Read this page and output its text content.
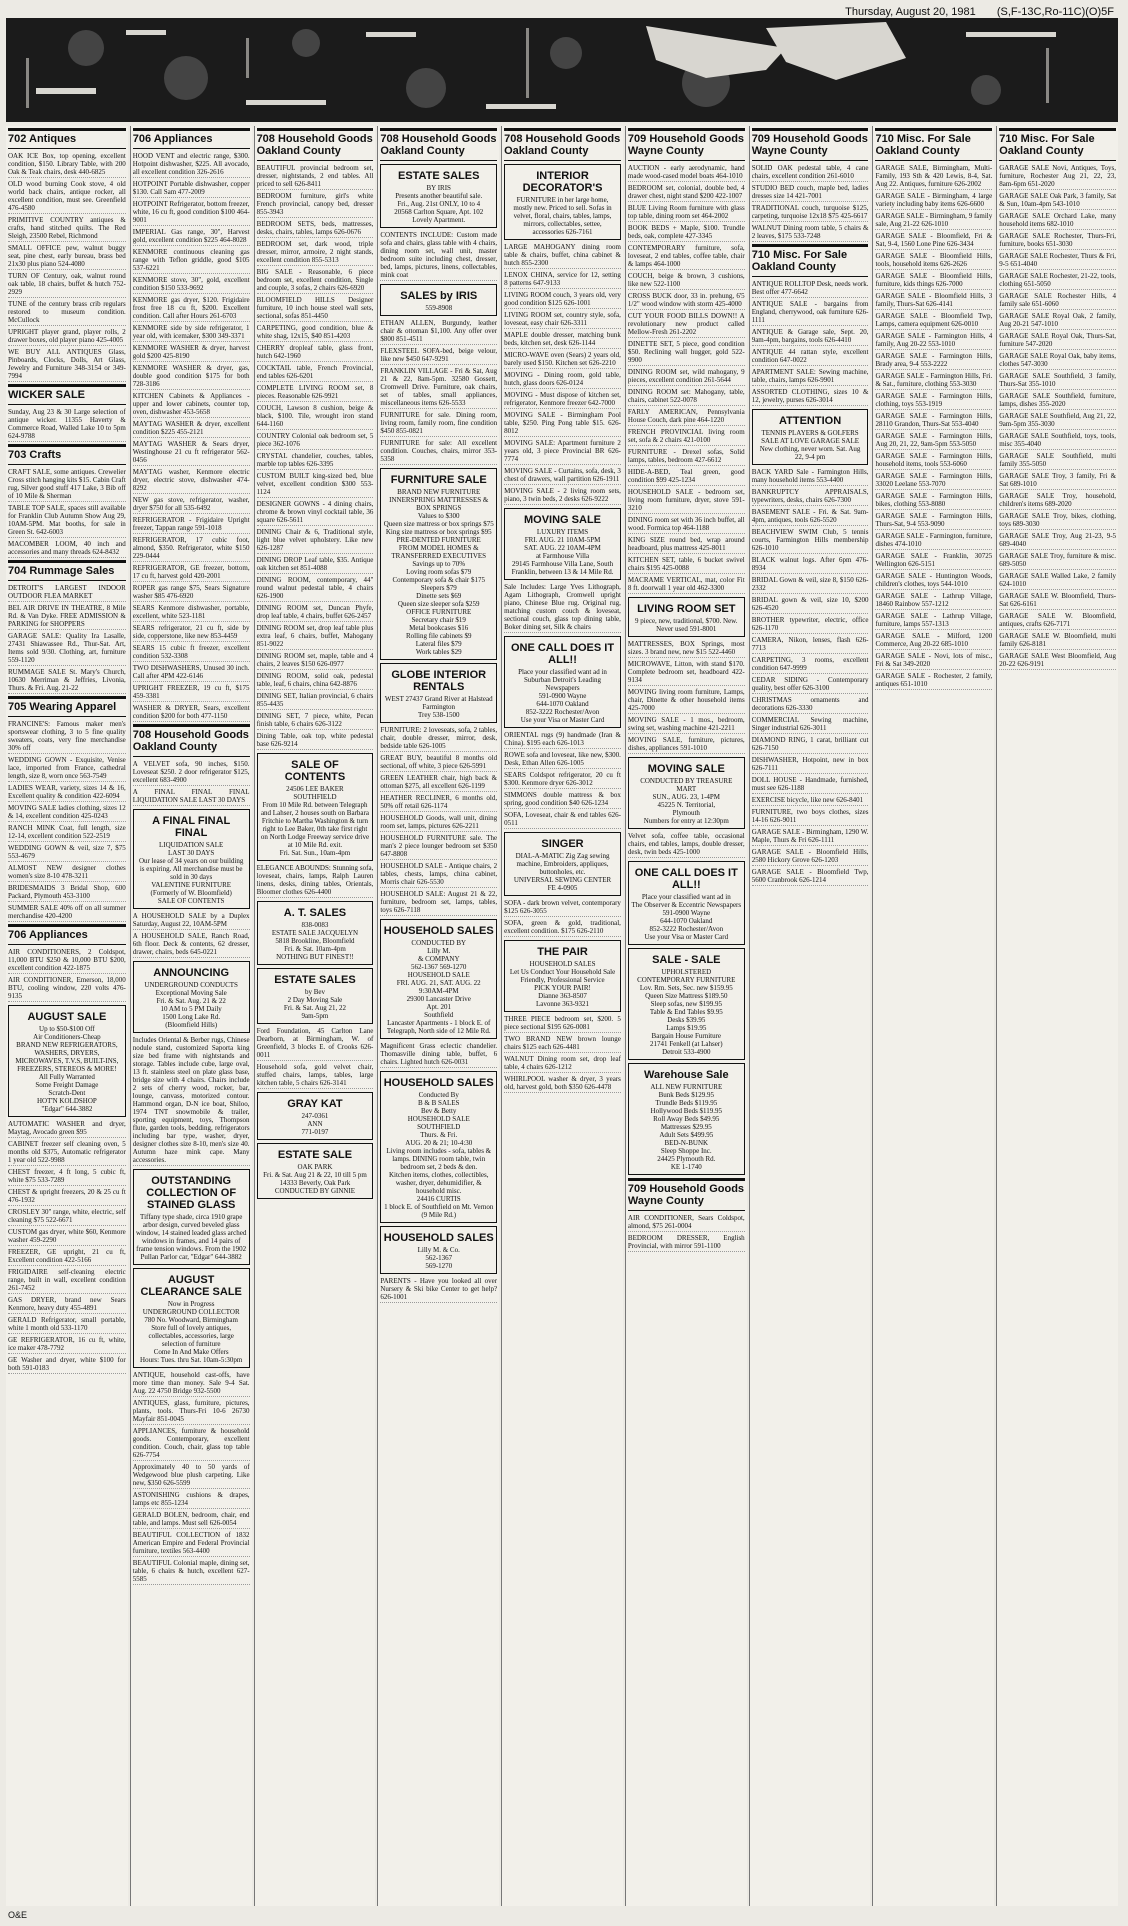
Thursday, August 20, 1981 (S,F-13C,Ro-11C)(O)5F
702 Antiques

OAK ICE Box, top opening, excellent condition, $150. Library Table, with 200 Oak & Teak chairs, desk 440-6825

OLD wood burning Cook stove, 4 old world back chairs, antique rocker, all excellent condition, must see. Greenfield 476-4580

PRIMITIVE COUNTRY antiques & crafts, hand stitched quilts. The Red Sleigh, 23500 Rebel, Richmond

SMALL OFFICE pew, walnut buggy seat, pine chest, early bureau, brass bed 21x30 plus piano 524-4080

TURN OF Century, oak, walnut round oak table, 18 chairs, buffet & hutch 752-2929

TUNE of the century brass crib regulars restored to museum condition. McCullock

UPRIGHT player grand, player rolls, 2 drawer boxes, old player piano 425-4005

WE BUY ALL ANTIQUES Glass, Pinboards, Clocks, Dolls, Art Glass, Jewelry and Furniture 348-3154 or 349-7994

WICKER SALE

Sunday, Aug 23 & 30 Large selection of antique wicker. 11355 Haverty & Commerce Road, Walled Lake 10 to 5pm 624-9788

703 Crafts

CRAFT SALE, some antiques. Crewelier Cross stitch hanging kits $15. Cabin Craft rug, Silver good stuff 417 Lake, 3 Bib off of 10 Mile & Sherman

TABLE TOP SALE, spaces still available for Franklin Club Autumn Show Aug 29, 10AM-5PM. Mat booths, for sale in Green St. 642-6003

MACOMBER LOOM, 40 inch and accessories and many threads 624-8432

704 Rummage Sales

DETROIT'S LARGEST INDOOR OUTDOOR FLEA MARKET

BEL AIR DRIVE IN THEATRE, 8 Mile Rd. & Van Dyke. FREE ADMISSION & PARKING for SHOPPERS

GARAGE SALE: Quality Ira Lasalle, 27431 Shiawassee Rd., Thur-Sat. Art, Items sold 9/30. Clothing, art, furniture 559-1120

RUMMAGE SALE St. Mary's Church, 10630 Merriman & Jeffries, Livonia, Thurs. & Fri. Aug. 21-22

705 Wearing Apparel

FRANCINE'S: Famous maker men's sportswear clothing, 3 to 5 fine quality sweaters, coats, very fine merchandise 30% off

WEDDING GOWN - Exquisite, Venise lace, imported from France, cathedral length, size 8, worn once 563-7549

LADIES WEAR, variety, sizes 14 & 16, Excellent quality & condition 422-6094

MOVING SALE ladies clothing, sizes 12 & 14, excellent condition 425-0243

RANCH MINK Coat, full length, size 12-14, excellent condition 522-2519

WEDDING GOWN & veil, size 7, $75 553-4679

ALMOST NEW designer clothes women's size 8-10 478-3211

BRIDESMAIDS 3 Bridal Shop, 600 Packard, Plymouth 453-3100

SUMMER SALE 40% off on all summer merchandise 420-4200

706 Appliances

AIR CONDITIONERS, 2 Coldspot, 11,000 BTU $250 & 10,000 BTU $200, excellent condition 422-1875

AIR CONDITIONER, Emerson, 18,000 BTU, cooling window, 220 volts 476-9135

AUGUST SALE
Up to $50-$100 Off
Air Conditioners-Cheap
BRAND NEW REFRIGERATORS, WASHERS, DRYERS, MICROWAVES, T.V.S, BUILT-INS, FREEZERS, STEREOS & MORE!
All Fully Warranted
Some Freight Damage
Scratch-Dent
HOT'N KOLDSHOP
"Edgar" 644-3882

AUTOMATIC WASHER and dryer, Maytag, Avocado green $95

CABINET freezer self cleaning oven, 5 months old $375, Automatic refrigerator 1 year old 522-9988

CHEST freezer, 4 ft long, 5 cubic ft, white $75 533-7289

CHEST & upright freezers, 20 & 25 cu ft 476-1932

CROSLEY 30" range, white, electric, self cleaning $75 522-6671

CUSTOM gas dryer, white $60, Kenmore washer 459-2290

FREEZER, GE upright, 21 cu ft, Excellent condition 422-5166

FRIGIDAIRE self-cleaning electric range, built in wall, excellent condition 261-7452

GAS DRYER, brand new Sears Kenmore, heavy duty 455-4891

GERALD Refrigerator, small portable, white 1 month old 533-1170

GE REFRIGERATOR, 16 cu ft, white, ice maker 478-7792

GE Washer and dryer, white $100 for both 591-0183

706 Appliances

HOOD VENT and electric range, $300. Hotpoint dishwasher, $225. All avocado, all excellent condition 326-2616

HOTPOINT Portable dishwasher, copper $130. Call Sam 477-2009

HOTPOINT Refrigerator, bottom freezer, white, 16 cu ft, good condition $100 464-9001

IMPERIAL Gas range, 30", Harvest gold, excellent condition $225 464-8028

KENMORE continuous cleaning gas range with Teflon griddle, good $105 537-6221

KENMORE stove, 30", gold, excellent condition $150 533-9692

KENMORE gas dryer, $120. Frigidaire frost free 18 cu ft, $200. Excellent condition. Call after Hours 261-6703

KENMORE side by side refrigerator, 1 year old, with icemaker, $300 349-3371

KENMORE WASHER & dryer, harvest gold $200 425-8190

KENMORE WASHER & dryer, gas, double good condition $175 for both 728-3186

KITCHEN Cabinets & Appliances - upper and lower cabinets, counter top, oven, dishwasher 453-5658

MAYTAG WASHER & dryer, excellent condition $225 455-2121

MAYTAG WASHER & Sears dryer, Westinghouse 21 cu ft refrigerator 562-0456

MAYTAG washer, Kenmore electric dryer, electric stove, dishwasher 474-8292

NEW gas stove, refrigerator, washer, dryer $750 for all 535-6492

REFRIGERATOR - Frigidaire Upright freezer, Tappan range 591-1018

REFRIGERATOR, 17 cubic foot, almond, $350. Refrigerator, white $150 229-0444

REFRIGERATOR, GE freezer, bottom, 17 cu ft, harvest gold 420-2001

ROPER gas range $75, Sears Signature washer $85 476-6920

SEARS Kenmore dishwasher, portable, excellent, white 523-1181

SEARS refrigerator, 21 cu ft, side by side, copperstone, like new 853-4459

SEARS 15 cubic ft freezer, excellent condition 532-3308

TWO DISHWASHERS, Unused 30 inch. Call after 4PM 422-6146

UPRIGHT FREEZER, 19 cu ft, $175 459-3381

WASHER & DRYER, Sears, excellent condition $200 for both 477-1150

708 Household Goods Oakland County

A VELVET sofa, 90 inches, $150. Loveseat $250. 2 door refrigerator $125, excellent 683-4900

A FINAL FINAL FINAL LIQUIDATION SALE LAST 30 DAYS

A FINAL FINAL FINAL
LIQUIDATION SALE
LAST 30 DAYS
Our lease of 34 years on our building is expiring. All merchandise must be sold in 30 days
VALENTINE FURNITURE
(Formerly of W. Bloomfield)
SALE OF CONTENTS

A HOUSEHOLD SALE by a Duplex Saturday, August 22, 10AM-5PM

A HOUSEHOLD SALE, Ranch Road, 6th floor. Deck & contents, 62 dresser, drawer, chairs, beds 645-0221

ANNOUNCING
UNDERGROUND CONDUCTS
Exceptional Moving Sale
Fri. & Sat. Aug. 21 & 22
10 AM to 5 PM Daily
1500 Long Lake Rd.
(Bloomfield Hills)

Includes Oriental & Berber rugs, Chinese nodule stand, customized Saporta king size bed frame with nightstands and storage. Tables include cube, large oval, 13 ft. stainless steel on plate glass base, bridge size with 4 chairs. Chairs include 2 sets of cherry wood, rocker, bar, lounge, canvass, motorized contour. Hammond organ, D-N ice boat, Shiloo, 1974 TNT snowmobile & trailer, sporting equipment, toys, Thompson flute, garden tools, bedding, refrigerators including bar type, washer, dryer, designer clothes size 8-10, men's size 40. Autumn haze mink cape. Many accessories.

OUTSTANDING COLLECTION OF STAINED GLASS
Tiffany type shade, circa 1910 grape arbor design, curved beveled glass window, 14 stained leaded glass arched windows in frames, and 14 pairs of frame tension windows. From the 1902 Pullan Parlor car, "Edgar" 644-3882
AUGUST CLEARANCE SALE
Now in Progress
UNDERGROUND COLLECTOR
780 No. Woodward, Birmingham
Store full of lovely antiques, collectables, accessories, large selection of furniture
Come In And Make Offers
Hours: Tues. thru Sat. 10am-5:30pm

ANTIQUE, household cast-offs, have more time than money. Sale 9-4 Sat. Aug. 22 4750 Bridge 932-5500

ANTIQUES, glass, furniture, pictures, plants, tools. Thurs-Fri 10-6 26730 Mayfair 851-0045

APPLIANCES, furniture & household goods. Contemporary, excellent condition. Couch, chair, glass top table 626-7754

Approximately 40 to 50 yards of Wedgewood blue plush carpeting. Like new, $350 626-5599

ASTONISHING cushions & drapes, lamps etc 855-1234

GERALD BOLEN, bedroom, chair, end table, and lamps. Must sell 626-0054

BEAUTIFUL COLLECTION of 1832 American Empire and Federal Provincial furniture, textiles 563-4400

BEAUTIFUL Colonial maple, dining set, table, 6 chairs & hutch, excellent 627-5585

708 Household Goods Oakland County

BEAUTIFUL provincial bedroom set, dresser, nightstands, 2 end tables. All priced to sell 626-8411

BEDROOM furniture, girl's white French provincial, canopy bed, dresser 855-3943

BEDROOM SETS, beds, mattresses, desks, chairs, tables, lamps 626-0676

BEDROOM set, dark wood, triple dresser, mirror, armoire, 2 night stands, excellent condition 855-5313

BIG SALE - Reasonable, 6 piece bedroom set, excellent condition, Single and couple, 3 sofas, 2 chairs 626-6920

BLOOMFIELD HILLS Designer furniture, 10 inch house steel wall sets, sectional, sofas 851-4450

CARPETING, good condition, blue & white shag, 12x15, $40 851-4203

CHERRY dropleaf table, glass front, hutch 642-1960

COCKTAIL table, French Provincial, end tables 626-6201

COMPLETE LIVING ROOM set, 8 pieces. Reasonable 626-9921

COUCH, Lawson 8 cushion, beige & black, $100. Tile, wrought iron stand 644-1160

COUNTRY Colonial oak bedroom set, 5 piece 362-1076

CRYSTAL chandelier, couches, tables, marble top tables 626-3395

CUSTOM BUILT king-sized bed, blue velvet, excellent condition $300 553-1124

DESIGNER GOWNS - 4 dining chairs, chrome & brown vinyl cocktail table, 36 square 626-5611

DINING Chair & 6, Traditional style, light blue velvet upholstery. Like new 626-1287

DINING DROP Leaf table, $35. Antique oak kitchen set 851-4088

DINING ROOM, contemporary, 44" round walnut pedestal table, 4 chairs 626-1900

DINING ROOM set, Duncan Phyfe, drop leaf table, 4 chairs, buffet 626-2457

DINING ROOM set, drop leaf table plus extra leaf, 6 chairs, buffet, Mahogany 851-9022

DINING ROOM set, maple, table and 4 chairs, 2 leaves $150 626-0977

DINING ROOM, solid oak, pedestal table, leaf, 6 chairs, china 642-8876

DINING SET, Italian provincial, 6 chairs 855-4435

DINING SET, 7 piece, white, Pecan finish table, 6 chairs 626-3122

Dining Table, oak top, white pedestal base 626-9214

SALE OF CONTENTS
24506 LEE BAKER
SOUTHFIELD
From 10 Mile Rd. between Telegraph and Lahser, 2 houses south on Barbara Fritchie to Martha Washington & turn right to Lee Baker, 0th take first right on North Lodge Freeway service drive at 10 Mile Rd. exit.
Fri. Sat. Sun., 10am-4pm

ELEGANCE ABOUNDS: Stunning sofa, loveseat, chairs, lamps, Ralph Lauren linens, desks, dining tables, Orientals, Bloomer clothes 626-4400

A. T. SALES
838-0083
ESTATE SALE JACQUELYN
5818 Brookline, Bloomfield
Fri. & Sat. 10am-4pm
NOTHING BUT FINEST!!
ESTATE SALES
by Bev
2 Day Moving Sale
Fri. & Sat. Aug 21, 22
9am-5pm

Ford Foundation, 45 Carlton Lane Dearborn, at Birmingham, W. of Greenfield, 3 blocks E. of Crooks 626-0011

Household sofa, gold velvet chair, stuffed chairs, lamps, tables, large kitchen table, 5 chairs 626-3141

GRAY KAT
247-0361
ANN
771-0197
ESTATE SALE
OAK PARK
Fri. & Sat. Aug 21 & 22, 10 till 5 pm
14333 Beverly, Oak Park
CONDUCTED BY GINNIE
708 Household Goods Oakland County
ESTATE SALES
BY IRIS
Presents another beautiful sale.
Fri., Aug. 21st ONLY, 10 to 4
20568 Carlton Square, Apt. 102
Lovely Apartment.

CONTENTS INCLUDE: Custom made sofa and chairs, glass table with 4 chairs, dining room set, wall unit, master bedroom suite including chest, dresser, bed, lamps, pictures, linens, collectables, mink coat

SALES by IRIS
559-8908

ETHAN ALLEN, Burgundy, leather chair & ottoman $1,100. Any offer over $800 851-4511

FLEXSTEEL SOFA-bed, beige velour, like new $450 647-9291

FRANKLIN VILLAGE - Fri & Sat, Aug 21 & 22, 8am-5pm. 32580 Gossett, Cromwell Drive. Furniture, oak chairs, set of tables, small appliances, miscellaneous items 626-5533

FURNITURE for sale. Dining room, living room, family room, fine condition $450 855-0821

FURNITURE for sale: All excellent condition. Couches, chairs, mirror 353-5358

FURNITURE SALE
BRAND NEW FURNITURE
INNERSPRING MATTRESSES & BOX SPRINGS
Values to $300
Queen size mattress or box springs $75
King size mattress or box springs $95
PRE-DENTED FURNITURE
FROM MODEL HOMES & TRANSFERRED EXECUTIVES
Savings up to 70%
Loving room sofas $79
Contemporary sofa & chair $175
Sleepers $79
Dinette sets $69
Queen size sleeper sofa $259
OFFICE FURNITURE
Secretary chair $19
Metal bookcases $16
Rolling file cabinets $9
Lateral files $79
Work tables $29
GLOBE INTERIOR RENTALS
WEST 27437 Grand River at Halstead
Farmington
Trey 538-1500

FURNITURE: 2 loveseats, sofa, 2 tables, chair, double dresser, mirror, desk, bedside table 626-1005

GREAT BUY, beautiful 8 months old sectional, off white, 3 piece 626-5991

GREEN LEATHER chair, high back & ottoman $275, all excellent 626-1199

HEATHER RECLINER, 6 months old, 50% off retail 626-1174

HOUSEHOLD Goods, wall unit, dining room set, lamps, pictures 626-2211

HOUSEHOLD FURNITURE sale. The man's 2 piece lounger bedroom set $350 647-8808

HOUSEHOLD SALE - Antique chairs, 2 tables, chests, lamps, china cabinet, Morris chair 626-5530

HOUSEHOLD SALE: August 21 & 22, furniture, bedroom set, lamps, tables, toys 626-7118

HOUSEHOLD SALES
CONDUCTED BY
Lilly M.
& COMPANY
562-1367 569-1270
HOUSEHOLD SALE
FRI. AUG. 21, SAT. AUG. 22
9:30AM-4PM
29300 Lancaster Drive
Apt. 201
Southfield
Lancaster Apartments - 1 block E. of Telegraph, North side of 12 Mile Rd.

Magnificent Grass eclectic chandelier. Thomasville dining table, buffet, 6 chairs. Lighted hutch 626-0031

HOUSEHOLD SALES
Conducted By
B & B SALES
Bev & Betty
HOUSEHOLD SALE
SOUTHFIELD
Thurs. & Fri.
AUG. 20 & 21; 10-4:30
Living room includes - sofa, tables & lamps. DINING room table, twin bedroom set, 2 beds & den.
Kitchen items, clothes, collectibles, washer, dryer, dehumidifier, & household misc.
24416 CURTIS
1 block E. of Southfield on Mt. Vernon (9 Mile Rd.)
HOUSEHOLD SALES
Lilly M. & Co.
562-1367
569-1270

PARENTS - Have you looked all over Nursery & Ski bike Center to get help? 626-1001

708 Household Goods Oakland County
INTERIOR DECORATOR'S
FURNITURE in her large home, mostly new. Priced to sell. Sofas in velvet, floral, chairs, tables, lamps, mirrors, collectables, settee, accessories 626-7161

LARGE MAHOGANY dining room table & chairs, buffet, china cabinet & hutch 855-2300

LENOX CHINA, service for 12, setting 8 patterns 647-9133

LIVING ROOM couch, 3 years old, very good condition $125 626-1001

LIVING ROOM set, country style, sofa, loveseat, easy chair 626-3311

MAPLE double dresser, matching bunk beds, kitchen set, desk 626-1144

MICRO-WAVE oven (Sears) 2 years old, barely used $150. Kitchen set 626-2210

MOVING - Dining room, gold table, hutch, glass doors 626-0124

MOVING - Must dispose of kitchen set, refrigerator, Kenmore freezer 642-7000

MOVING SALE - Birmingham Pool table, $250. Ping Pong table $15. 626-8012

MOVING SALE: Apartment furniture 2 years old, 3 piece Provincial BR 626-7774

MOVING SALE - Curtains, sofa, desk, 3 chest of drawers, wall partition 626-1911

MOVING SALE - 2 living room sets, piano, 3 twin beds, 2 desks 626-9222

MOVING SALE
LUXURY ITEMS
FRI. AUG. 21 10AM-5PM
SAT. AUG. 22 10AM-4PM
at Farmhouse Villa
29145 Farmhouse Villa Lane, South Franklin, between 13 & 14 Mile Rd.

Sale Includes: Large Yves Lithograph, Agam Lithograph, Cromwell upright piano, Chinese Blue rug. Original rug, matching custom couch & loveseat, sectional couch, glass top dining table, Boker dining set, Silk & chairs

ONE CALL DOES IT ALL!!
Place your classified want ad in Suburban Detroit's Leading
Newspapers
591-0900 Wayne
644-1070 Oakland
852-3222 Rochester/Avon
Use your Visa or Master Card

ORIENTAL rugs (9) handmade (Iran & China). $195 each 626-1013

ROWE sofa and loveseat, like new, $300. Desk, Ethan Allen 626-1005

SEARS Coldspot refrigerator, 20 cu ft $300. Kenmore dryer 626-3012

SIMMONS double mattress & box spring, good condition $40 626-1234

SOFA, Loveseat, chair & end tables 626-0511

SINGER
DIAL-A-MATIC Zig Zag sewing machine, Embroiders, appliques, buttonholes, etc.
UNIVERSAL SEWING CENTER
FE 4-0905

SOFA - dark brown velvet, contemporary $125 626-3055

SOFA, green & gold, traditional, excellent condition. $175 626-2110

THE PAIR
HOUSEHOLD SALES
Let Us Conduct Your Household Sale
Friendly, Professional Service
PICK YOUR PAIR!
Dianne 363-8507
Lavonne 363-9321

THREE PIECE bedroom set, $200. 5 piece sectional $195 626-0081

TWO BRAND NEW brown lounge chairs $125 each 626-4481

WALNUT Dining room set, drop leaf table, 4 chairs 626-1212

WHIRLPOOL washer & dryer, 3 years old, harvest gold, both $350 626-4478

709 Household Goods Wayne County

AUCTION - early aerodynamic, hand made wood-cased model boats 464-1010

BEDROOM set, colonial, double bed, 4 drawer chest, night stand $200 422-1007

BLUE Living Room furniture with glass top table, dining room set 464-2002

BOOK BEDS + Maple, $100. Trundle beds, oak, complete 427-3345

CONTEMPORARY furniture, sofa, loveseat, 2 end tables, coffee table, chair & lamps 464-1000

COUCH, beige & brown, 3 cushions, like new 522-1100

CROSS BUCK door, 33 in. prehung, 6'5 1/2" wood window with storm 425-4000

CUT YOUR FOOD BILLS DOWN!! A revolutionary new product called Mellow-Fresh 261-2202

DINETTE SET, 5 piece, good condition $50. Reclining wall hugger, gold 522-9900

DINING ROOM set, wild mahogany, 9 pieces, excellent condition 261-5644

DINING ROOM set: Mahogany, table, chairs, cabinet 522-0078

FARLY AMERICAN, Pennsylvania House Couch, dark pine 464-1220

FRENCH PROVINCIAL living room set, sofa & 2 chairs 421-0100

FURNITURE - Drexel sofas, Solid lamps, tables, bedroom 427-6612

HIDE-A-BED, Teal green, good condition $99 425-1234

HOUSEHOLD SALE - bedroom set, living room furniture, dryer, stove 591-3210

DINING room set with 36 inch buffet, all wood. Formica top 464-1188

KING SIZE round bed, wrap around headboard, plus mattress 425-8011

KITCHEN SET, table, 6 bucket swivel chairs $195 425-0088

MACRAME VERTICAL, mat, color Fit 8 ft. doorwall 1 year old 462-3300

LIVING ROOM SET
9 piece, new, traditional, $700. New. Never used 591-8001

MATTRESSES, BOX Springs, most sizes. 3 brand new, new $15 522-4460

MICROWAVE, Litton, with stand $170. Complete bedroom set, headboard 422-9134

MOVING living room furniture, Lamps, chair, Dinette & other household items 425-7000

MOVING SALE - 1 mos., bedroom, swing set, washing machine 421-2211

MOVING SALE, furniture, pictures, dishes, appliances 591-1010

MOVING SALE
CONDUCTED BY TREASURE MART
SUN., AUG. 23, 1-4PM
45225 N. Territorial,
Plymouth
Numbers for entry at 12:30pm

Velvet sofa, coffee table, occasional chairs, end tables, lamps, double dresser, desk, twin beds 425-1000

ONE CALL DOES IT ALL!!
Place your classified want ad in
The Observer & Eccentric Newspapers
591-0900 Wayne
644-1070 Oakland
852-3222 Rochester/Avon
Use your Visa or Master Card
SALE - SALE
UPHOLSTERED
CONTEMPORARY FURNITURE
Lov. Rm. Sets, Sec. new $159.95
Queen Size Mattress $189.50
Sleep sofas, new $199.95
Table & End Tables $9.95
Desks $39.95
Lamps $19.95
Bargain House Furniture
21741 Fenkell (at Lahser)
Detroit 533-4900
Warehouse Sale
ALL NEW FURNITURE
Bunk Beds $129.95
Trundle Beds $119.95
Hollywood Beds $119.95
Roll Away Beds $49.95
Mattresses $29.95
Adult Sets $499.95
BED-N-BUNK
Sleep Shoppe Inc.
24425 Plymouth Rd.
KE 1-1740
709 Household Goods Wayne County

AIR CONDITIONER, Sears Coldspot, almond, $75 261-0004

BEDROOM DRESSER, English Provincial, with mirror 591-1100

709 Household Goods Wayne County

SOLID OAK pedestal table, 4 cane chairs, excellent condition 261-6010

STUDIO BED couch, maple bed, ladies dresses size 14 421-7001

TRADITIONAL couch, turquoise $125, carpeting, turquoise 12x18 $75 425-6617

WALNUT Dining room table, 5 chairs & 2 leaves, $175 533-7248

710 Misc. For Sale Oakland County

ANTIQUE ROLLTOP Desk, needs work. Best offer 477-6642

ANTIQUE SALE - bargains from England, cherrywood, oak furniture 626-1111

ANTIQUE & Garage sale, Sept. 20, 9am-4pm, bargains, tools 626-4410

ANTIQUE 44 rattan style, excellent condition 647-0022

APARTMENT SALE: Sewing machine, table, chairs, lamps 626-9901

ASSORTED CLOTHING, sizes 10 & 12, jewelry, purses 626-3014

ATTENTION
TENNIS PLAYERS & GOLFERS
SALE AT LOVE GARAGE SALE
New clothing, never worn. Sat. Aug 22, 9-4 pm

BACK YARD Sale - Farmington Hills, many household items 553-4400

BANKRUPTCY APPRAISALS, typewriters, desks, chairs 626-7300

BASEMENT SALE - Fri. & Sat. 9am-4pm, antiques, tools 626-5520

BEACHVIEW SWIM Club, 5 tennis courts, Farmington Hills membership 626-1010

BLACK walnut logs. After 6pm 476-8934

BRIDAL Gown & veil, size 8, $150 626-2332

BRIDAL gown & veil, size 10, $200 626-4520

BROTHER typewriter, electric, office 626-1170

CAMERA, Nikon, lenses, flash 626-7713

CARPETING, 3 rooms, excellent condition 647-9999

CEDAR SIDING - Contemporary quality, best offer 626-3100

CHRISTMAS ornaments and decorations 626-3330

COMMERCIAL Sewing machine, Singer industrial 626-3011

DIAMOND RING, 1 carat, brilliant cut 626-7150

DISHWASHER, Hotpoint, new in box 626-7111

DOLL HOUSE - Handmade, furnished, must see 626-1188

EXERCISE bicycle, like new 626-8401

FURNITURE, two boys clothes, sizes 14-16 626-9011

GARAGE SALE - Birmingham, 1290 W. Maple, Thurs & Fri 626-1111

GARAGE SALE - Bloomfield Hills, 2580 Hickory Grove 626-1203

GARAGE SALE - Bloomfield Twp, 5600 Cranbrook 626-1214

710 Misc. For Sale Oakland County

GARAGE SALE, Birmingham, Multi-Family, 193 Sth & 420 Lewis, 8-4, Sat. Aug 22. Antiques, furniture 626-2002

GARAGE SALE - Birmingham, 4 large variety including baby items 626-6600

GARAGE SALE - Birmingham, 9 family sale, Aug 21-22 626-1010

GARAGE SALE - Bloomfield, Fri & Sat, 9-4, 1560 Lone Pine 626-3434

GARAGE SALE - Bloomfield Hills, tools, household items 626-2626

GARAGE SALE - Bloomfield Hills, furniture, kids things 626-7000

GARAGE SALE - Bloomfield Hills, 3 family, Thurs-Sat 626-4141

GARAGE SALE - Bloomfield Twp, Lamps, camera equipment 626-0010

GARAGE SALE - Farmington Hills, 4 family, Aug 20-22 553-1010

GARAGE SALE - Farmington Hills, Brady area, 9-4 553-2222

GARAGE SALE - Farmington Hills, Fri. & Sat., furniture, clothing 553-3030

GARAGE SALE - Farmington Hills, clothing, toys 553-1919

GARAGE SALE - Farmington Hills, 28110 Grandon, Thurs-Sat 553-4040

GARAGE SALE - Farmington Hills, Aug 20, 21, 22, 9am-5pm 553-5050

GARAGE SALE - Farmington Hills, household items, tools 553-6060

GARAGE SALE - Farmington Hills, 33020 Leelane 553-7070

GARAGE SALE - Farmington Hills, bikes, clothing 553-8080

GARAGE SALE - Farmington Hills, Thurs-Sat, 9-4 553-9090

GARAGE SALE - Farmington, furniture, dishes 474-1010

GARAGE SALE - Franklin, 30725 Wellington 626-5151

GARAGE SALE - Huntington Woods, children's clothes, toys 544-1010

GARAGE SALE - Lathrup Village, 18460 Rainbow 557-1212

GARAGE SALE - Lathrup Village, furniture, lamps 557-1313

GARAGE SALE - Milford, 1200 Commerce, Aug 20-22 685-1010

GARAGE SALE - Novi, lots of misc., Fri & Sat 349-2020

GARAGE SALE - Rochester, 2 family, antiques 651-1010

710 Misc. For Sale Oakland County

GARAGE SALE Novi, Antiques, Toys, furniture, Rochester Aug 21, 22, 23, 8am-6pm 651-2020

GARAGE SALE Oak Park, 3 family, Sat & Sun, 10am-4pm 543-1010

GARAGE SALE Orchard Lake, many household items 682-1010

GARAGE SALE Rochester, Thurs-Fri, furniture, books 651-3030

GARAGE SALE Rochester, Thurs & Fri, 9-5 651-4040

GARAGE SALE Rochester, 21-22, tools, clothing 651-5050

GARAGE SALE Rochester Hills, 4 family sale 651-6060

GARAGE SALE Royal Oak, 2 family, Aug 20-21 547-1010

GARAGE SALE Royal Oak, Thurs-Sat, furniture 547-2020

GARAGE SALE Royal Oak, baby items, clothes 547-3030

GARAGE SALE Southfield, 3 family, Thurs-Sat 355-1010

GARAGE SALE Southfield, furniture, lamps, dishes 355-2020

GARAGE SALE Southfield, Aug 21, 22, 9am-5pm 355-3030

GARAGE SALE Southfield, toys, tools, misc 355-4040

GARAGE SALE Southfield, multi family 355-5050

GARAGE SALE Troy, 3 family, Fri & Sat 689-1010

GARAGE SALE Troy, household, children's items 689-2020

GARAGE SALE Troy, bikes, clothing, toys 689-3030

GARAGE SALE Troy, Aug 21-23, 9-5 689-4040

GARAGE SALE Troy, furniture & misc. 689-5050

GARAGE SALE Walled Lake, 2 family 624-1010

GARAGE SALE W. Bloomfield, Thurs-Sat 626-6161

GARAGE SALE W. Bloomfield, antiques, crafts 626-7171

GARAGE SALE W. Bloomfield, multi family 626-8181

GARAGE SALE West Bloomfield, Aug 20-22 626-9191

O&E
